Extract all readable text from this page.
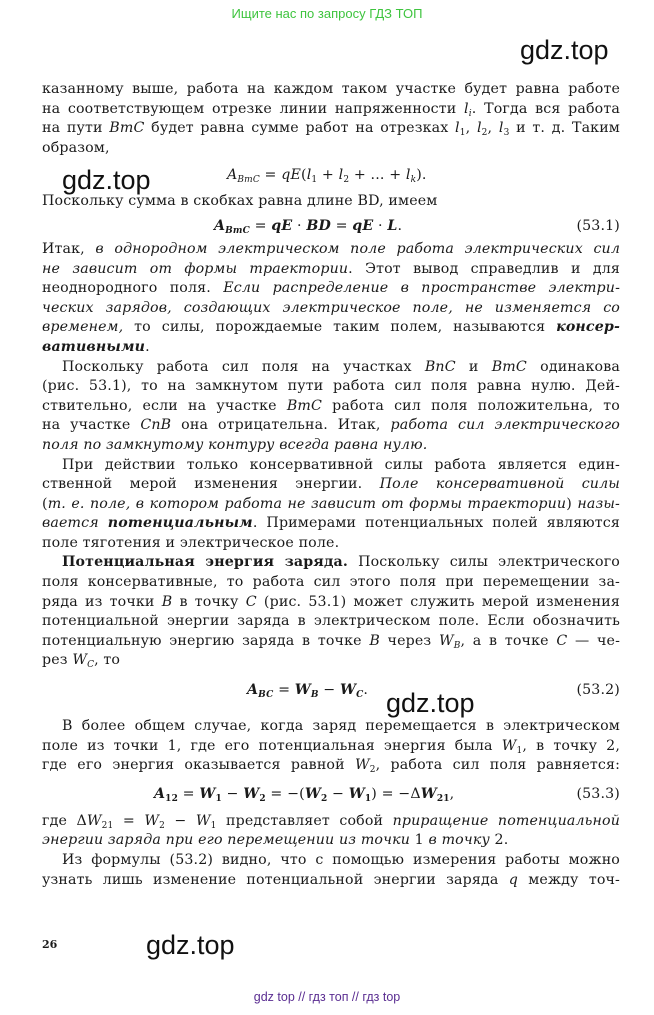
Ищите нас по запросу ГДЗ ТОП
gdz.top
gdz.top
gdz.top
gdz.top
казанному выше, работа на каждом таком участке будет равна работе
на соответствующем отрезке линии напряженности $l_i$. Тогда вся работа
на пути BmC будет равна сумме работ на отрезках $l_1$, $l_2$, $l_3$ и т. д. Таким
образом,
$A_{BmC} = qE(l_1 + l_2$ + ... + $l_k$).
Поскольку сумма в скобках равна длине BD, имеем
$A_{BmC}$ = qE · BD = qE · L.	(53.1)
Итак, в однородном электрическом поле работа электрических сил
не зависит от формы траектории. Этот вывод справедлив и для
неоднородного поля. Если распределение в пространстве электри-
ческих зарядов, создающих электрическое поле, не изменяется со
временем, то силы, порождаемые таким полем, называются консер-
вативными.
Поскольку работа сил поля на участках BnC и BmC одинакова
(рис. 53.1), то на замкнутом пути работа сил поля равна нулю. Дей-
ствительно, если на участке BmC работа сил поля положительна, то
на участке CnB она отрицательна. Итак, работа сил электрического
поля по замкнутому контуру всегда равна нулю.
При действии только консервативной силы работа является един-
ственной мерой изменения энергии. Поле консервативной силы
(т. е. поле, в котором работа не зависит от формы траектории) назы-
вается потенциальным. Примерами потенциальных полей являются
поле тяготения и электрическое поле.
Потенциальная энергия заряда. Поскольку силы электрического
поля консервативные, то работа сил этого поля при перемещении за-
ряда из точки B в точку C (рис. 53.1) может служить мерой изменения
потенциальной энергии заряда в электрическом поле. Если обозначить
потенциальную энергию заряда в точке B через $W_B$, а в точке C — че-
рез $W_C$, то
$A_{BC} = W_B - W_C$.	(53.2)
В более общем случае, когда заряд перемещается в электрическом
поле из точки 1, где его потенциальная энергия была $W_1$, в точку 2,
где его энергия оказывается равной $W_2$, работа сил поля равняется:
$A_{12} = W_1 - W_2 = -(W_2 - W_1) = -\Delta W_{21}$,	(53.3)
где $\Delta W_{21} = W_2 - W_1$ представляет собой приращение потенциальной
энергии заряда при его перемещении из точки 1 в точку 2.
Из формулы (53.2) видно, что с помощью измерения работы можно
узнать лишь изменение потенциальной энергии заряда q между точ-
26
gdz top // гдз топ // гдз top
